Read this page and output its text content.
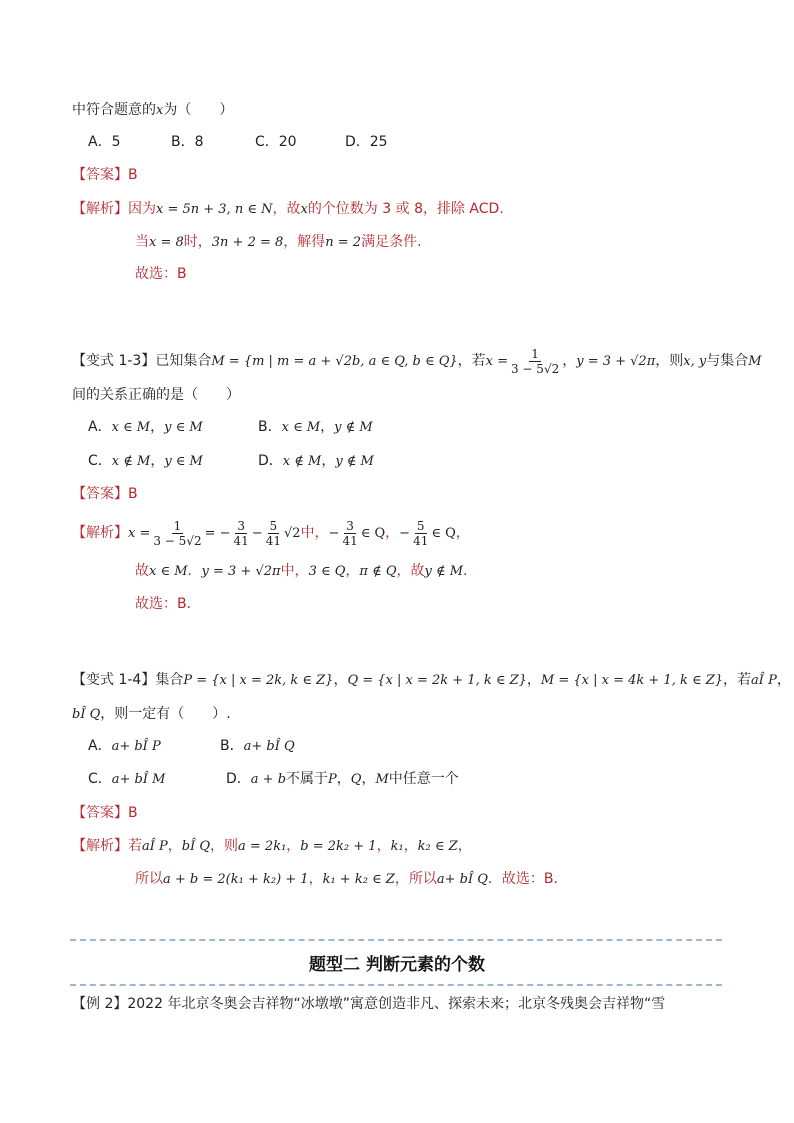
中符合题意的x为（　　）
A．5	B．8	C．20	D．25
【答案】B
【解析】因为x = 5n + 3, n ∈ N，故x的个位数为 3 或 8，排除 ACD.
当x = 8时，3n + 2 = 8，解得n = 2满足条件.
故选：B
【变式 1-3】已知集合M = {m | m = a + √2b, a ∈ Q, b ∈ Q}，若$x = \frac{1}{3 - 5√2}$ ，y = 3 + √2π，则x, y与集合M
间的关系正确的是（　　）
A．x ∈ M，y ∈ M	B．x ∈ M，y ∉ M
C．x ∉ M，y ∈ M	D．x ∉ M，y ∉ M
【答案】B
【解析】$x = \frac{1}{3 - 5√2}$ = − $\frac{3}{41} - \frac{5}{41} √2$中，− $\frac{3}{41}$ ∈ Q，− $\frac{5}{41}$ ∈ Q，
故x ∈ M．y = 3 + √2π中，3 ∈ Q，π ∉ Q，故y ∉ M．
故选：B．
【变式 1-4】集合P = {x | x = 2k, k ∈ Z}，Q = {x | x = 2k + 1, k ∈ Z}，M = {x | x = 4k + 1, k ∈ Z}，若aÎ P，
bÎ Q，则一定有（　　）.
A．a+ bÎ P	B．a+ bÎ Q
C．a+ bÎ M	D．a + b不属于P，Q，M中任意一个
【答案】B
【解析】若aÎ P，bÎ Q，则a = 2k₁，b = 2k₂ + 1，k₁，k₂ ∈ Z，
所以a + b = 2(k₁ + k₂) + 1，k₁ + k₂ ∈ Z，所以a+ bÎ Q．故选：B.
题型二 判断元素的个数
【例 2】2022 年北京冬奥会吉祥物“冰墩墩”寓意创造非凡、探索未来；北京冬残奥会吉祥物“雪
